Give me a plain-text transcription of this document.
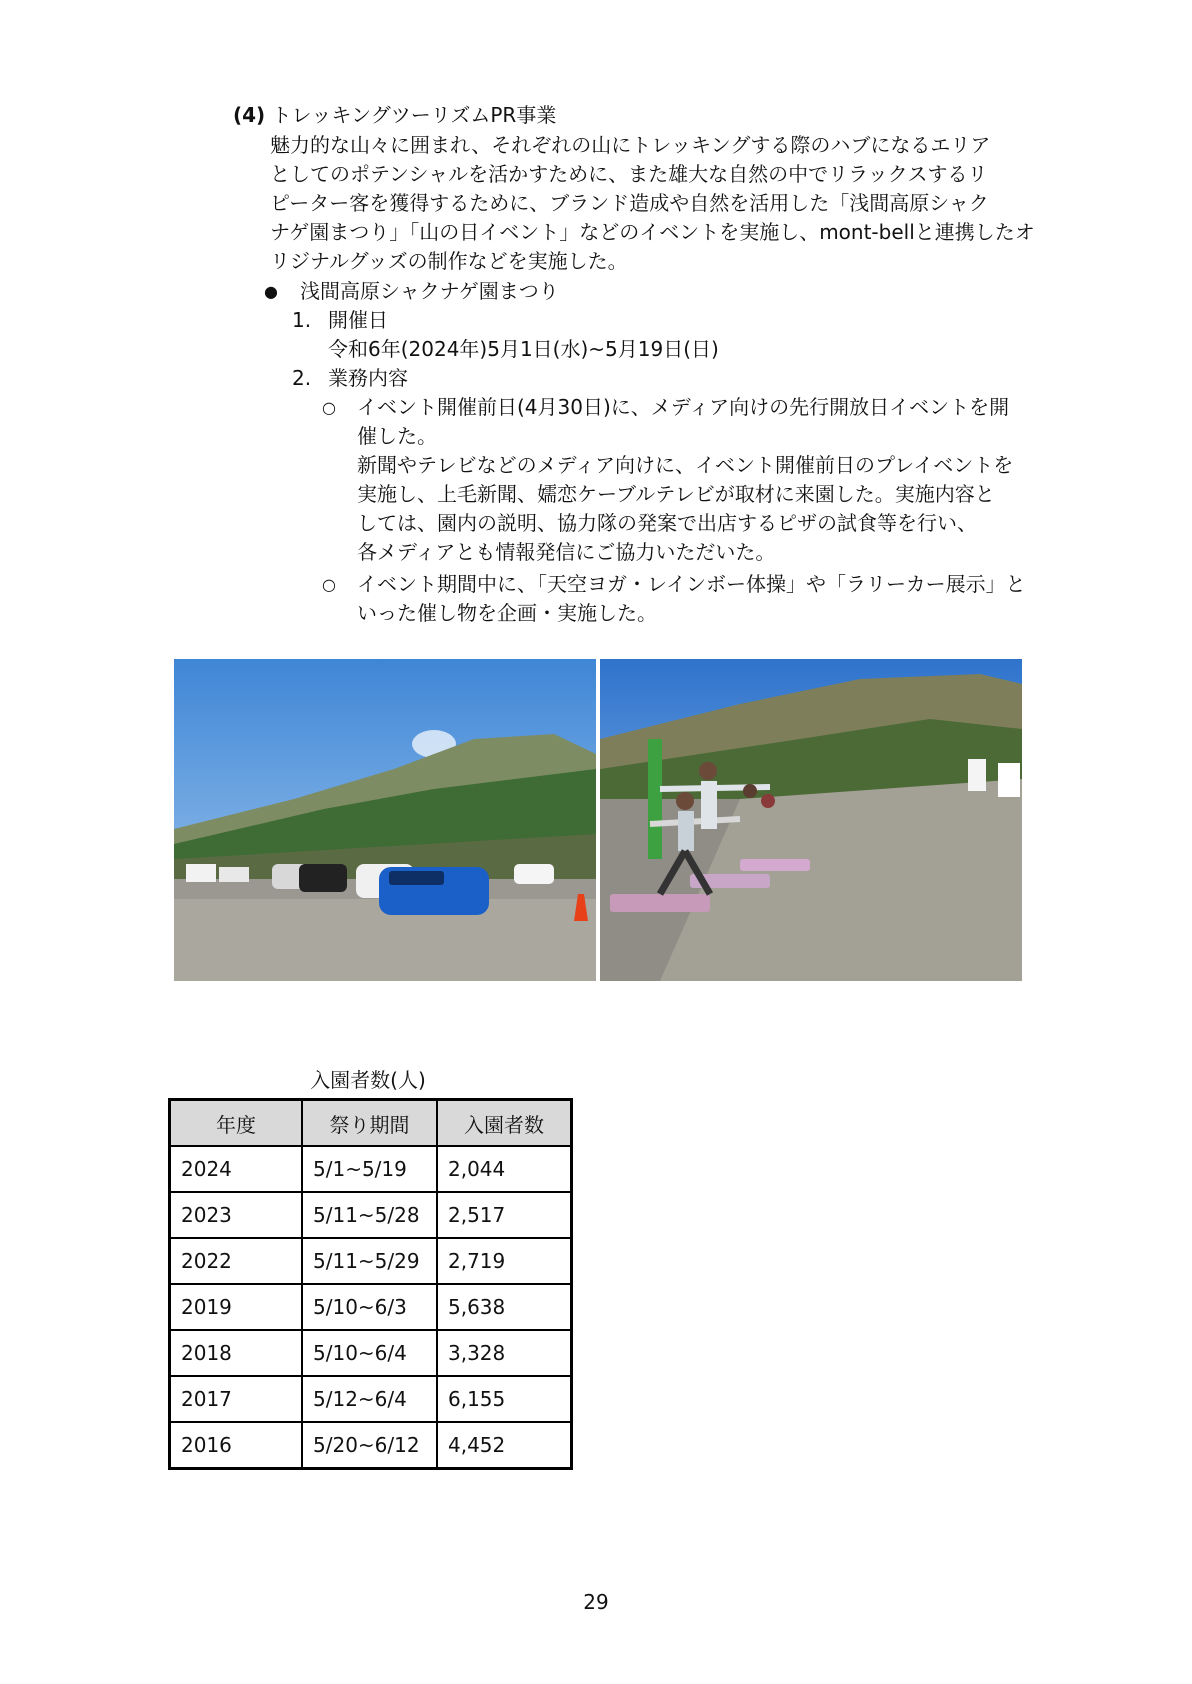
(4) トレッキングツーリズムPR事業
魅力的な山々に囲まれ、それぞれの山にトレッキングする際のハブになるエリア
としてのポテンシャルを活かすために、また雄大な自然の中でリラックスするリ
ピーター客を獲得するために、ブランド造成や自然を活用した「浅間高原シャク
ナゲ園まつり」「山の日イベント」などのイベントを実施し、mont-bellと連携したオ
リジナルグッズの制作などを実施した。
● 浅間高原シャクナゲ園まつり
1. 開催日
令和6年(2024年)5月1日(水)~5月19日(日)
2. 業務内容
○ イベント開催前日(4月30日)に、メディア向けの先行開放日イベントを開
催した。
新聞やテレビなどのメディア向けに、イベント開催前日のプレイベントを
実施し、上毛新聞、嬬恋ケーブルテレビが取材に来園した。実施内容と
しては、園内の説明、協力隊の発案で出店するピザの試食等を行い、
各メディアとも情報発信にご協力いただいた。
○ イベント期間中に、「天空ヨガ・レインボー体操」や「ラリーカー展示」と
いった催し物を企画・実施した。
入園者数(人)
年度	祭り期間	入園者数
2024	5/1~5/19	2,044
2023	5/11~5/28	2,517
2022	5/11~5/29	2,719
2019	5/10~6/3	5,638
2018	5/10~6/4	3,328
2017	5/12~6/4	6,155
2016	5/20~6/12	4,452
29
